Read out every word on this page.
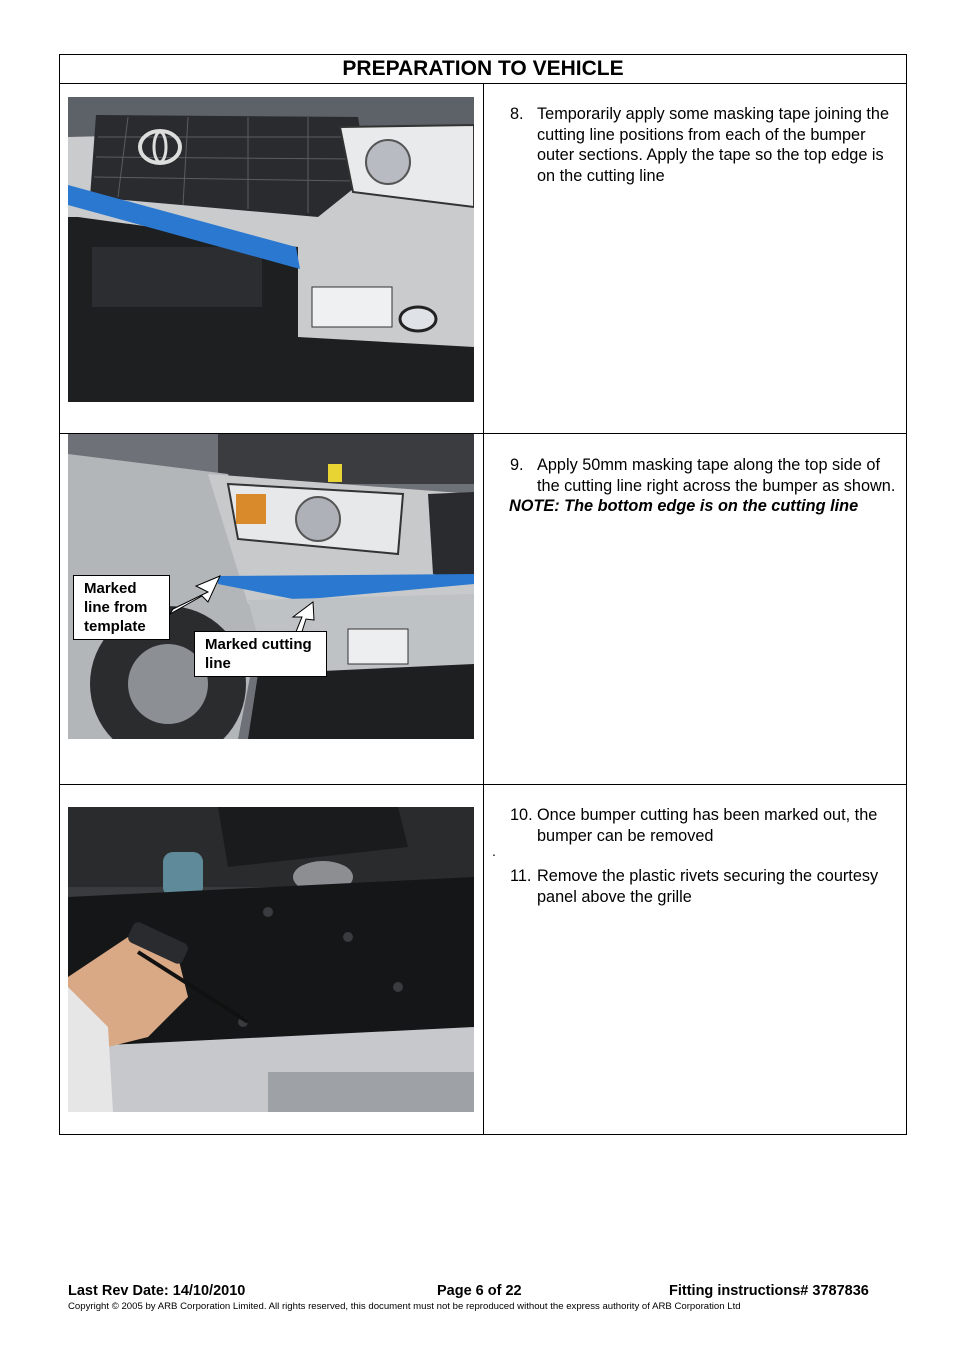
PREPARATION TO VEHICLE
8. Temporarily apply some masking tape joining the cutting line positions from each of the bumper outer sections. Apply the tape so the top edge is on the cutting line
Marked line from template
Marked cutting line
9. Apply 50mm masking tape along the top side of the cutting line right across the bumper as shown.
NOTE: The bottom edge is on the cutting line
.
10. Once bumper cutting has been marked out, the bumper can be removed
11. Remove the plastic rivets securing the courtesy panel above the grille
Last Rev Date: 14/10/2010	Page 6 of 22	Fitting instructions# 3787836
Copyright © 2005 by ARB Corporation Limited. All rights reserved, this document must not be reproduced without the express authority of ARB Corporation Ltd
